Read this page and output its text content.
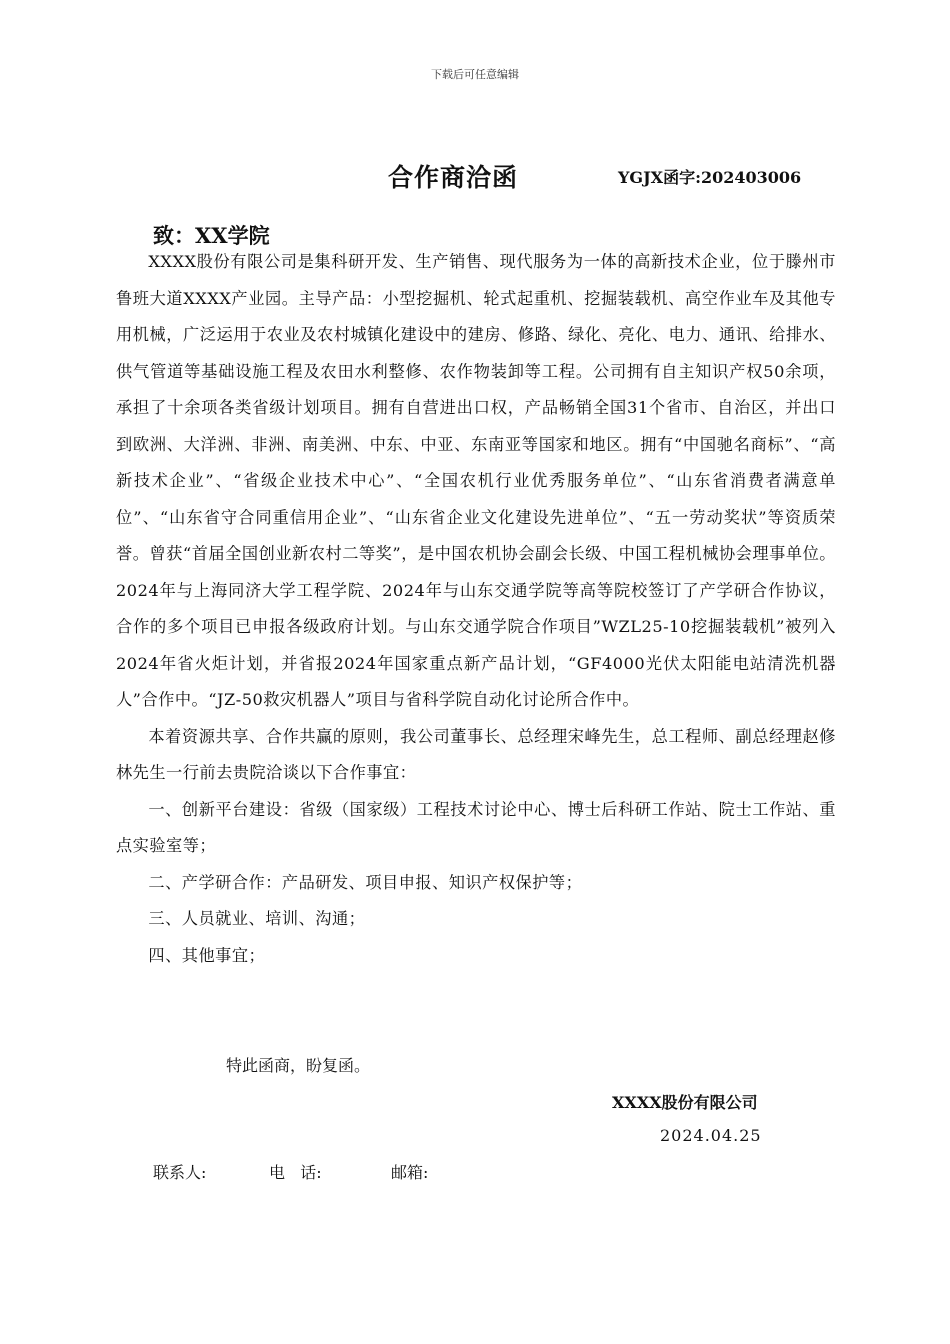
下载后可任意编辑
合作商洽函	YGJX函字:202403006
致：XX学院

XXXX股份有限公司是集科研开发、生产销售、现代服务为一体的高新技术企业，位于滕州市鲁班大道XXXX产业园。主导产品：小型挖掘机、轮式起重机、挖掘装载机、高空作业车及其他专用机械，广泛运用于农业及农村城镇化建设中的建房、修路、绿化、亮化、电力、通讯、给排水、供气管道等基础设施工程及农田水利整修、农作物装卸等工程。公司拥有自主知识产权50余项，承担了十余项各类省级计划项目。拥有自营进出口权，产品畅销全国31个省市、自治区，并出口到欧洲、大洋洲、非洲、南美洲、中东、中亚、东南亚等国家和地区。拥有“中国驰名商标”、“高新技术企业”、“省级企业技术中心”、“全国农机行业优秀服务单位”、“山东省消费者满意单位”、“山东省守合同重信用企业”、“山东省企业文化建设先进单位”、“五一劳动奖状”等资质荣誉。曾获“首届全国创业新农村二等奖”，是中国农机协会副会长级、中国工程机械协会理事单位。2024年与上海同济大学工程学院、2024年与山东交通学院等高等院校签订了产学研合作协议，合作的多个项目已申报各级政府计划。与山东交通学院合作项目”WZL25-10挖掘装载机”被列入2024年省火炬计划，并省报2024年国家重点新产品计划，“GF4000光伏太阳能电站清洗机器人”合作中。“JZ-50救灾机器人”项目与省科学院自动化讨论所合作中。

本着资源共享、合作共赢的原则，我公司董事长、总经理宋峰先生，总工程师、副总经理赵修林先生一行前去贵院洽谈以下合作事宜：

一、创新平台建设：省级（国家级）工程技术讨论中心、博士后科研工作站、院士工作站、重点实验室等；

二、产学研合作：产品研发、项目申报、知识产权保护等；

三、人员就业、培训、沟通；

四、其他事宜；

特此函商，盼复函。
XXXX股份有限公司
2024.04.25
联系人:	电   话:	邮箱:
